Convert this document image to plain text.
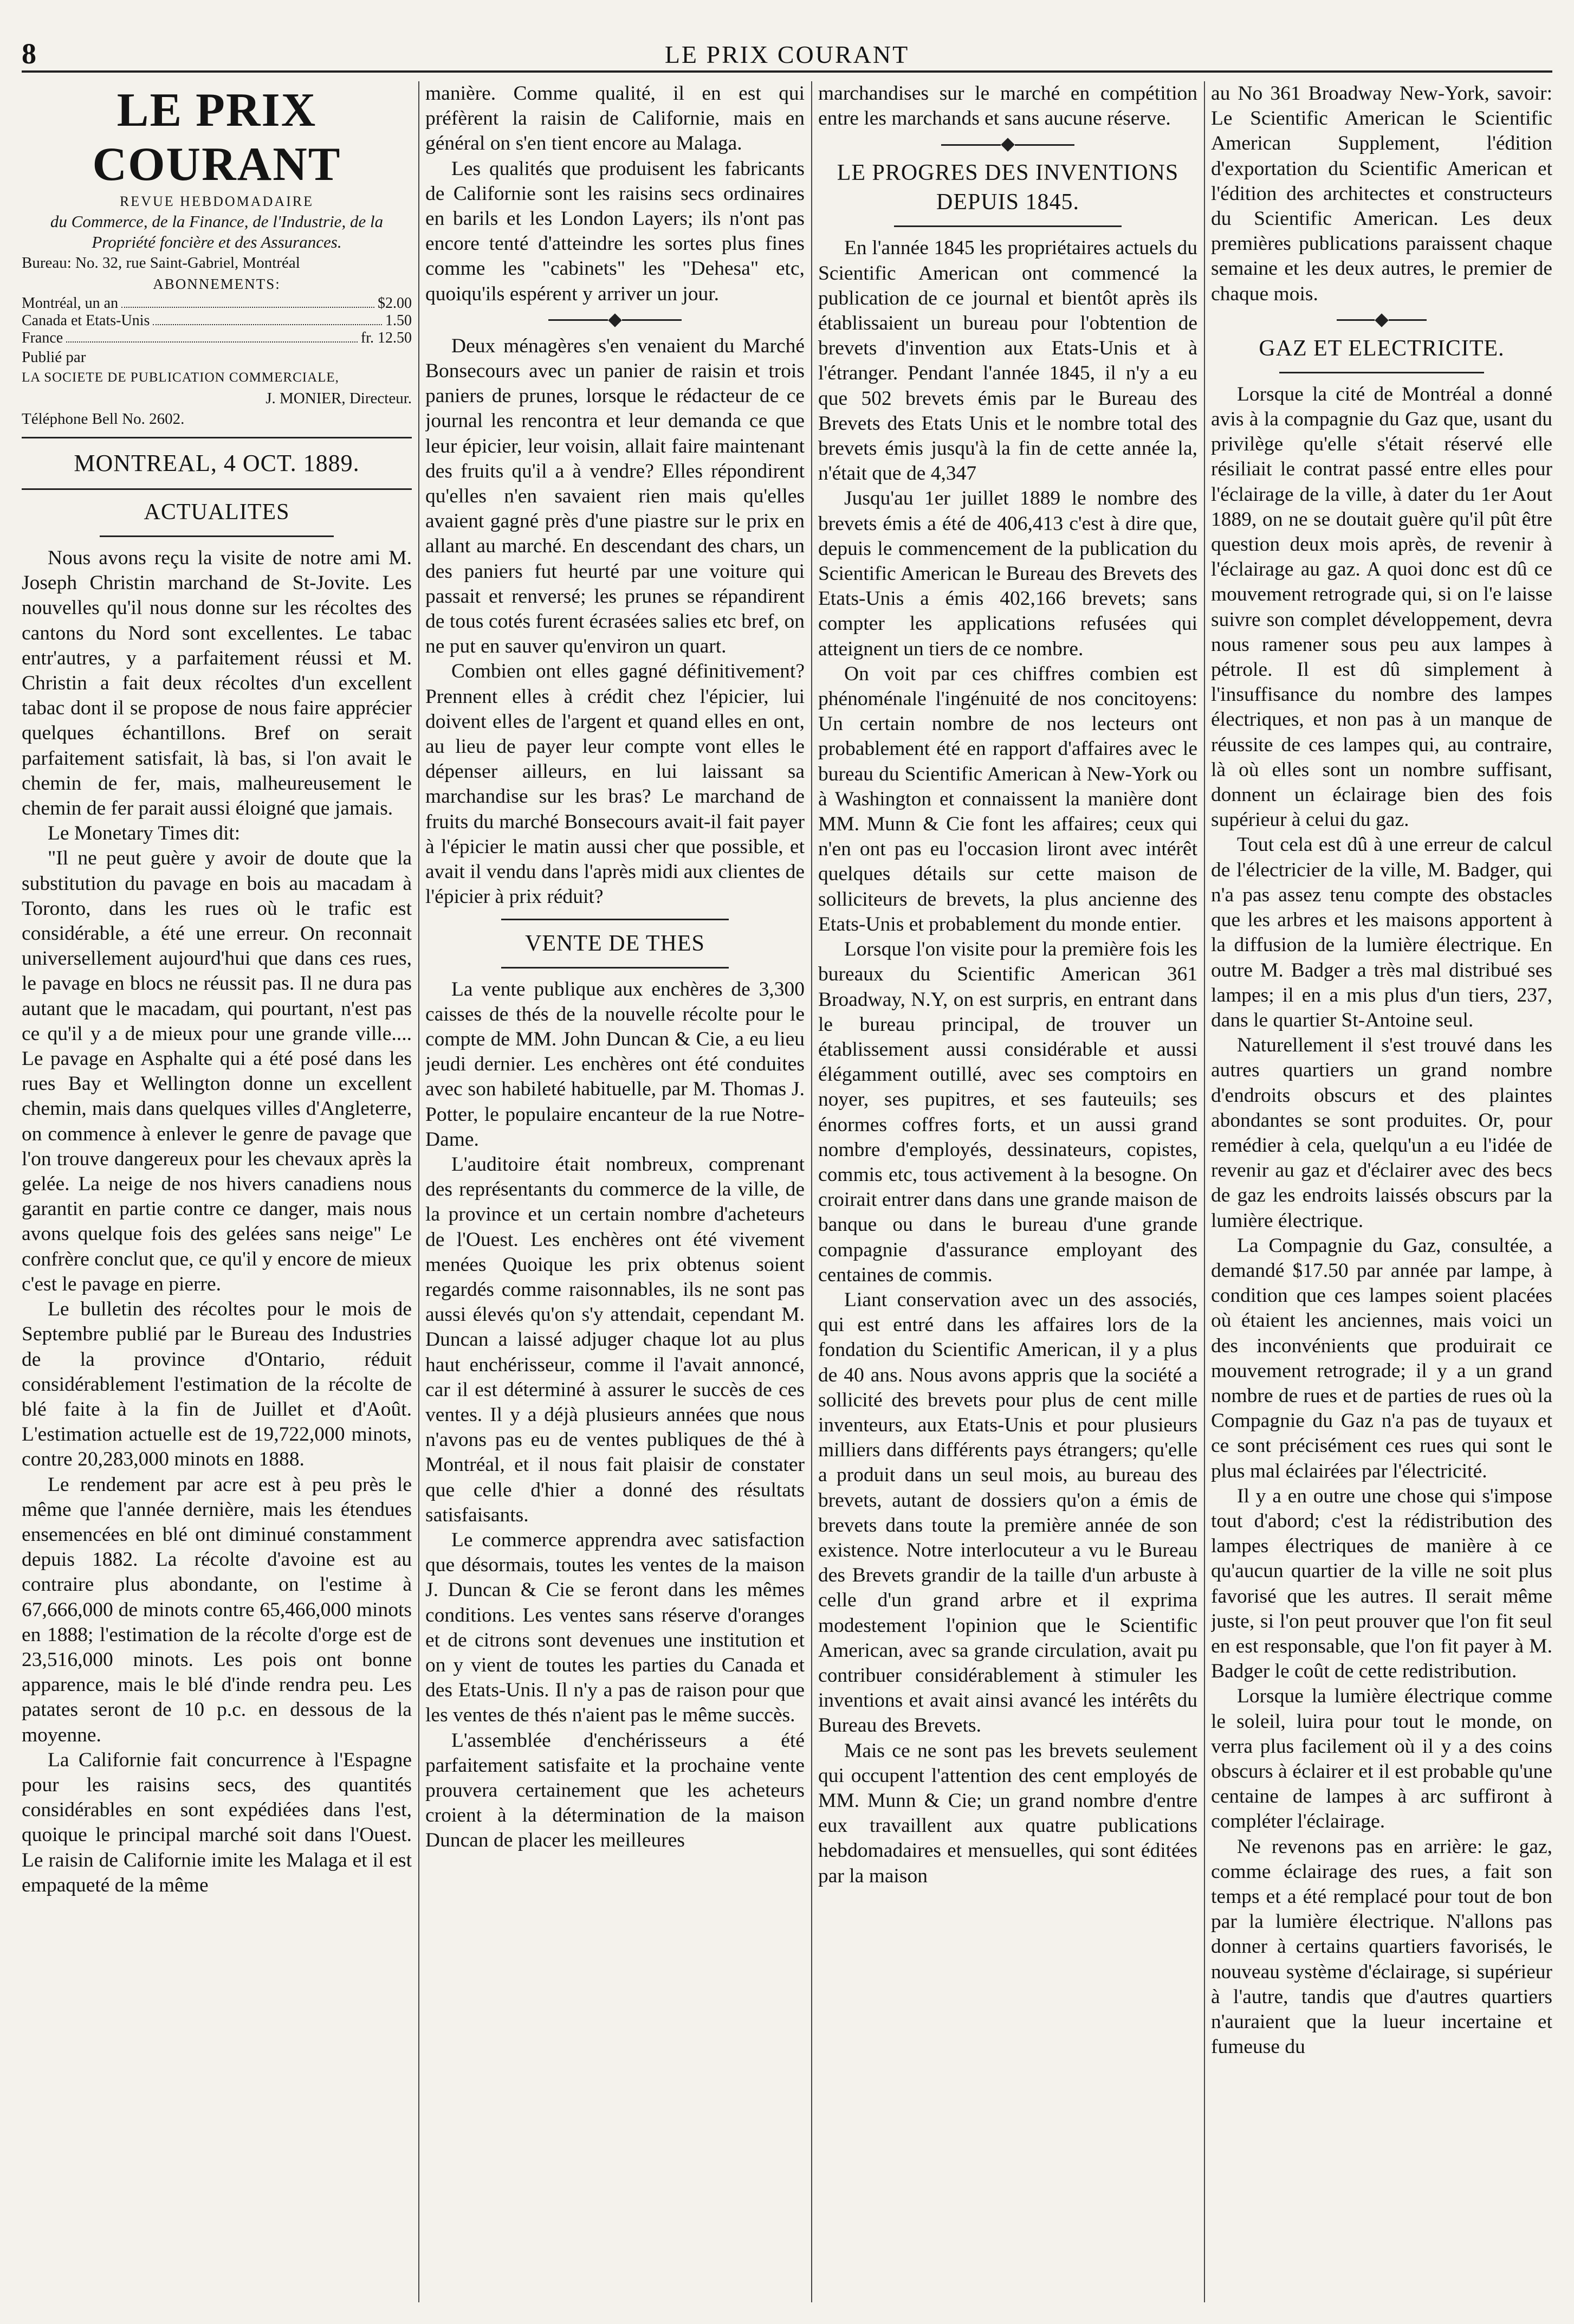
8	LE PRIX COURANT
LE PRIX COURANT
REVUE HEBDOMADAIRE
du Commerce, de la Finance, de l'Industrie, de la Propriété foncière et des Assurances.
Bureau: No. 32, rue Saint-Gabriel, Montréal
ABONNEMENTS:
Montréal, un an	$2.00
Canada et Etats-Unis	1.50
France	fr. 12.50
Publié par
LA SOCIETE DE PUBLICATION COMMERCIALE,
J. MONIER, Directeur.
Téléphone Bell No. 2602.
MONTREAL, 4 OCT. 1889.
ACTUALITES

Nous avons reçu la visite de notre ami M. Joseph Christin marchand de St-Jovite. Les nouvelles qu'il nous donne sur les récoltes des cantons du Nord sont excellentes. Le tabac entr'autres, y a parfaitement réussi et M. Christin a fait deux récoltes d'un excellent tabac dont il se propose de nous faire apprécier quelques échantillons. Bref on serait parfaitement satisfait, là bas, si l'on avait le chemin de fer, mais, malheureusement le chemin de fer parait aussi éloigné que jamais.

Le Monetary Times dit:

"Il ne peut guère y avoir de doute que la substitution du pavage en bois au macadam à Toronto, dans les rues où le trafic est considérable, a été une erreur. On reconnait universellement aujourd'hui que dans ces rues, le pavage en blocs ne réussit pas. Il ne dura pas autant que le macadam, qui pourtant, n'est pas ce qu'il y a de mieux pour une grande ville.... Le pavage en Asphalte qui a été posé dans les rues Bay et Wellington donne un excellent chemin, mais dans quelques villes d'Angleterre, on commence à enlever le genre de pavage que l'on trouve dangereux pour les chevaux après la gelée. La neige de nos hivers canadiens nous garantit en partie contre ce danger, mais nous avons quelque fois des gelées sans neige" Le confrère conclut que, ce qu'il y encore de mieux c'est le pavage en pierre.

Le bulletin des récoltes pour le mois de Septembre publié par le Bureau des Industries de la province d'Ontario, réduit considérablement l'estimation de la récolte de blé faite à la fin de Juillet et d'Août. L'estimation actuelle est de 19,722,000 minots, contre 20,283,000 minots en 1888.

Le rendement par acre est à peu près le même que l'année dernière, mais les étendues ensemencées en blé ont diminué constamment depuis 1882. La récolte d'avoine est au contraire plus abondante, on l'estime à 67,666,000 de minots contre 65,466,000 minots en 1888; l'estimation de la récolte d'orge est de 23,516,000 minots. Les pois ont bonne apparence, mais le blé d'inde rendra peu. Les patates seront de 10 p.c. en dessous de la moyenne.

La Californie fait concurrence à l'Espagne pour les raisins secs, des quantités considérables en sont expédiées dans l'est, quoique le principal marché soit dans l'Ouest. Le raisin de Californie imite les Malaga et il est empaqueté de la même

manière. Comme qualité, il en est qui préfèrent la raisin de Californie, mais en général on s'en tient encore au Malaga.

Les qualités que produisent les fabricants de Californie sont les raisins secs ordinaires en barils et les London Layers; ils n'ont pas encore tenté d'atteindre les sortes plus fines comme les "cabinets" les "Dehesa" etc, quoiqu'ils espérent y arriver un jour.

Deux ménagères s'en venaient du Marché Bonsecours avec un panier de raisin et trois paniers de prunes, lorsque le rédacteur de ce journal les rencontra et leur demanda ce que leur épicier, leur voisin, allait faire maintenant des fruits qu'il a à vendre? Elles répondirent qu'elles n'en savaient rien mais qu'elles avaient gagné près d'une piastre sur le prix en allant au marché. En descendant des chars, un des paniers fut heurté par une voiture qui passait et renversé; les prunes se répandirent de tous cotés furent écrasées salies etc bref, on ne put en sauver qu'environ un quart.

Combien ont elles gagné définitivement? Prennent elles à crédit chez l'épicier, lui doivent elles de l'argent et quand elles en ont, au lieu de payer leur compte vont elles le dépenser ailleurs, en lui laissant sa marchandise sur les bras? Le marchand de fruits du marché Bonsecours avait-il fait payer à l'épicier le matin aussi cher que possible, et avait il vendu dans l'après midi aux clientes de l'épicier à prix réduit?

VENTE DE THES

La vente publique aux enchères de 3,300 caisses de thés de la nouvelle récolte pour le compte de MM. John Duncan & Cie, a eu lieu jeudi dernier. Les enchères ont été conduites avec son habileté habituelle, par M. Thomas J. Potter, le populaire encanteur de la rue Notre-Dame.

L'auditoire était nombreux, comprenant des représentants du commerce de la ville, de la province et un certain nombre d'acheteurs de l'Ouest. Les enchères ont été vivement menées Quoique les prix obtenus soient regardés comme raisonnables, ils ne sont pas aussi élevés qu'on s'y attendait, cependant M. Duncan a laissé adjuger chaque lot au plus haut enchérisseur, comme il l'avait annoncé, car il est déterminé à assurer le succès de ces ventes. Il y a déjà plusieurs années que nous n'avons pas eu de ventes publiques de thé à Montréal, et il nous fait plaisir de constater que celle d'hier a donné des résultats satisfaisants.

Le commerce apprendra avec satisfaction que désormais, toutes les ventes de la maison J. Duncan & Cie se feront dans les mêmes conditions. Les ventes sans réserve d'oranges et de citrons sont devenues une institution et on y vient de toutes les parties du Canada et des Etats-Unis. Il n'y a pas de raison pour que les ventes de thés n'aient pas le même succès.

L'assemblée d'enchérisseurs a été parfaitement satisfaite et la prochaine vente prouvera certainement que les acheteurs croient à la détermination de la maison Duncan de placer les meilleures

marchandises sur le marché en compétition entre les marchands et sans aucune réserve.

LE PROGRES DES INVENTIONS DEPUIS 1845.

En l'année 1845 les propriétaires actuels du Scientific American ont commencé la publication de ce journal et bientôt après ils établissaient un bureau pour l'obtention de brevets d'invention aux Etats-Unis et à l'étranger. Pendant l'année 1845, il n'y a eu que 502 brevets émis par le Bureau des Brevets des Etats Unis et le nombre total des brevets émis jusqu'à la fin de cette année la, n'était que de 4,347

Jusqu'au 1er juillet 1889 le nombre des brevets émis a été de 406,413 c'est à dire que, depuis le commencement de la publication du Scientific American le Bureau des Brevets des Etats-Unis a émis 402,166 brevets; sans compter les applications refusées qui atteignent un tiers de ce nombre.

On voit par ces chiffres combien est phénoménale l'ingénuité de nos concitoyens: Un certain nombre de nos lecteurs ont probablement été en rapport d'affaires avec le bureau du Scientific American à New-York ou à Washington et connaissent la manière dont MM. Munn & Cie font les affaires; ceux qui n'en ont pas eu l'occasion liront avec intérêt quelques détails sur cette maison de solliciteurs de brevets, la plus ancienne des Etats-Unis et probablement du monde entier.

Lorsque l'on visite pour la première fois les bureaux du Scientific American 361 Broadway, N.Y, on est surpris, en entrant dans le bureau principal, de trouver un établissement aussi considérable et aussi élégamment outillé, avec ses comptoirs en noyer, ses pupitres, et ses fauteuils; ses énormes coffres forts, et un aussi grand nombre d'employés, dessinateurs, copistes, commis etc, tous activement à la besogne. On croirait entrer dans dans une grande maison de banque ou dans le bureau d'une grande compagnie d'assurance employant des centaines de commis.

Liant conservation avec un des associés, qui est entré dans les affaires lors de la fondation du Scientific American, il y a plus de 40 ans. Nous avons appris que la société a sollicité des brevets pour plus de cent mille inventeurs, aux Etats-Unis et pour plusieurs milliers dans différents pays étrangers; qu'elle a produit dans un seul mois, au bureau des brevets, autant de dossiers qu'on a émis de brevets dans toute la première année de son existence. Notre interlocuteur a vu le Bureau des Brevets grandir de la taille d'un arbuste à celle d'un grand arbre et il exprima modestement l'opinion que le Scientific American, avec sa grande circulation, avait pu contribuer considérablement à stimuler les inventions et avait ainsi avancé les intérêts du Bureau des Brevets.

Mais ce ne sont pas les brevets seulement qui occupent l'attention des cent employés de MM. Munn & Cie; un grand nombre d'entre eux travaillent aux quatre publications hebdomadaires et mensuelles, qui sont éditées par la maison

au No 361 Broadway New-York, savoir: Le Scientific American le Scientific American Supplement, l'édition d'exportation du Scientific American et l'édition des architectes et constructeurs du Scientific American. Les deux premières publications paraissent chaque semaine et les deux autres, le premier de chaque mois.

GAZ ET ELECTRICITE.

Lorsque la cité de Montréal a donné avis à la compagnie du Gaz que, usant du privilège qu'elle s'était réservé elle résiliait le contrat passé entre elles pour l'éclairage de la ville, à dater du 1er Aout 1889, on ne se doutait guère qu'il pût être question deux mois après, de revenir à l'éclairage au gaz. A quoi donc est dû ce mouvement retrograde qui, si on l'e laisse suivre son complet développement, devra nous ramener sous peu aux lampes à pétrole. Il est dû simplement à l'insuffisance du nombre des lampes électriques, et non pas à un manque de réussite de ces lampes qui, au contraire, là où elles sont un nombre suffisant, donnent un éclairage bien des fois supérieur à celui du gaz.

Tout cela est dû à une erreur de calcul de l'électricier de la ville, M. Badger, qui n'a pas assez tenu compte des obstacles que les arbres et les maisons apportent à la diffusion de la lumière électrique. En outre M. Badger a très mal distribué ses lampes; il en a mis plus d'un tiers, 237, dans le quartier St-Antoine seul.

Naturellement il s'est trouvé dans les autres quartiers un grand nombre d'endroits obscurs et des plaintes abondantes se sont produites. Or, pour remédier à cela, quelqu'un a eu l'idée de revenir au gaz et d'éclairer avec des becs de gaz les endroits laissés obscurs par la lumière électrique.

La Compagnie du Gaz, consultée, a demandé $17.50 par année par lampe, à condition que ces lampes soient placées où étaient les anciennes, mais voici un des inconvénients que produirait ce mouvement retrograde; il y a un grand nombre de rues et de parties de rues où la Compagnie du Gaz n'a pas de tuyaux et ce sont précisément ces rues qui sont le plus mal éclairées par l'électricité.

Il y a en outre une chose qui s'impose tout d'abord; c'est la rédistribution des lampes électriques de manière à ce qu'aucun quartier de la ville ne soit plus favorisé que les autres. Il serait même juste, si l'on peut prouver que l'on fit seul en est responsable, que l'on fit payer à M. Badger le coût de cette redistribution.

Lorsque la lumière électrique comme le soleil, luira pour tout le monde, on verra plus facilement où il y a des coins obscurs à éclairer et il est probable qu'une centaine de lampes à arc suffiront à compléter l'éclairage.

Ne revenons pas en arrière: le gaz, comme éclairage des rues, a fait son temps et a été remplacé pour tout de bon par la lumière électrique. N'allons pas donner à certains quartiers favorisés, le nouveau système d'éclairage, si supérieur à l'autre, tandis que d'autres quartiers n'auraient que la lueur incertaine et fumeuse du
